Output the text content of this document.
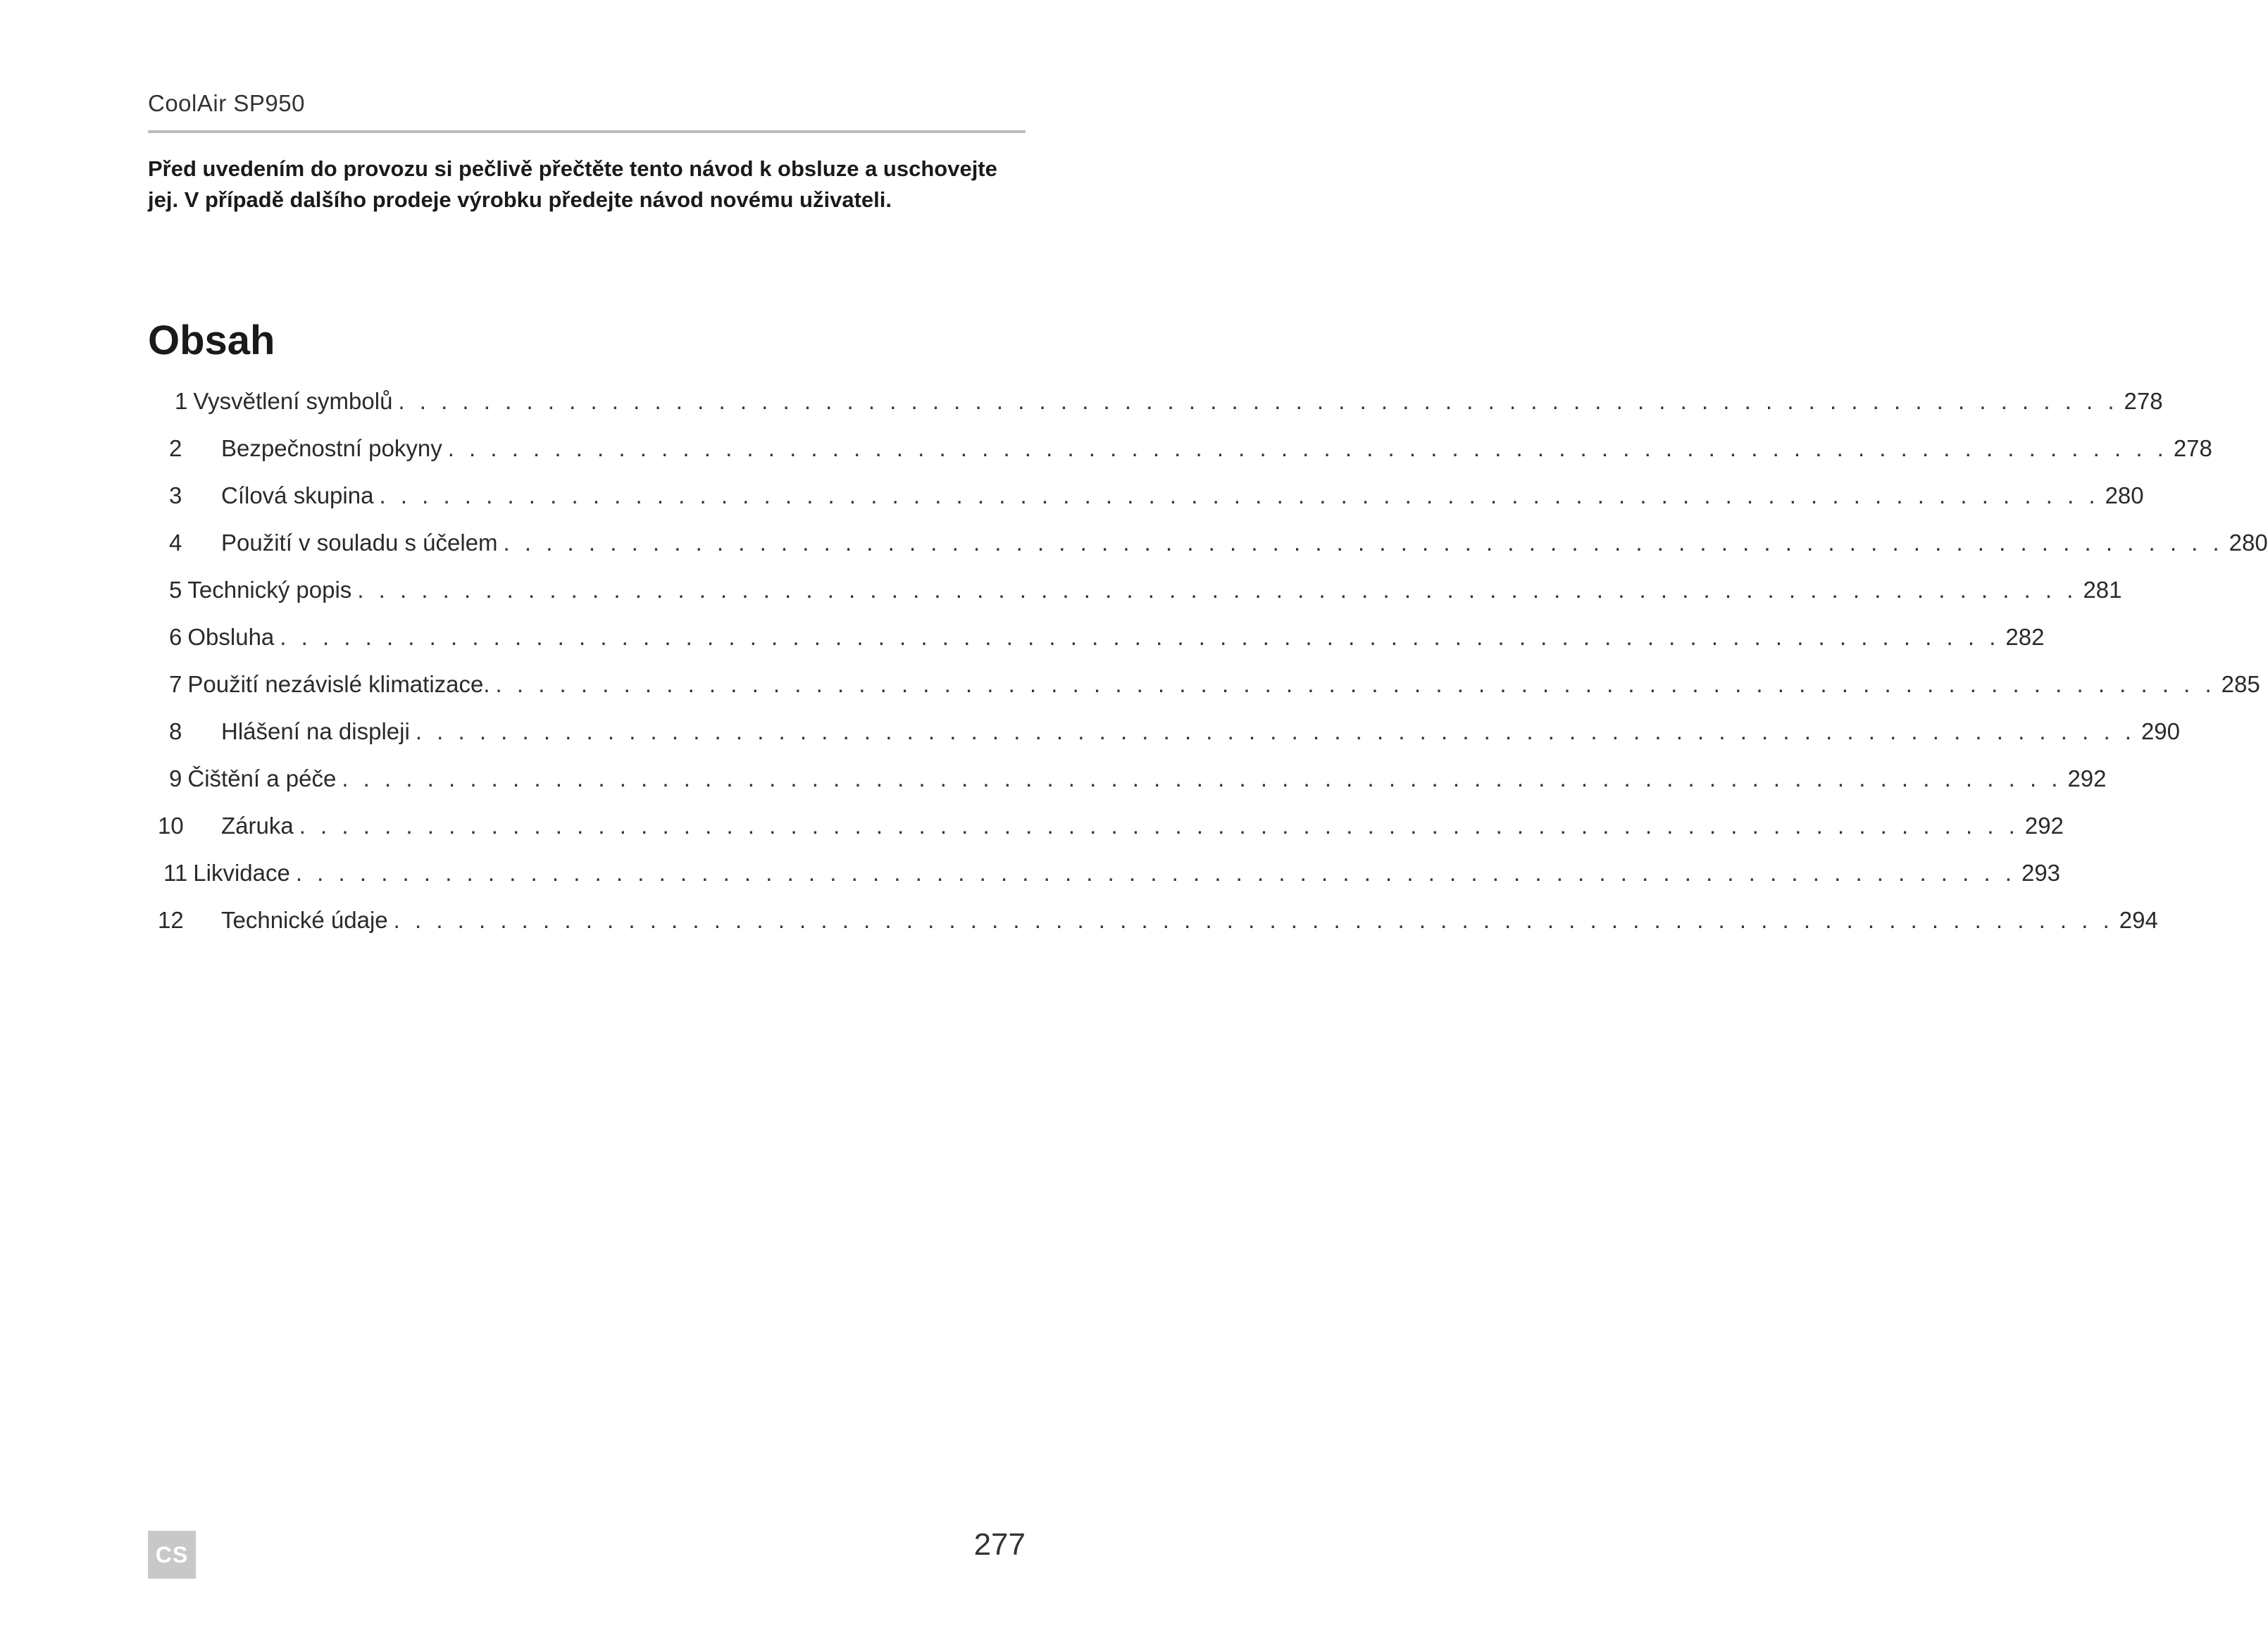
CoolAir SP950
Před uvedením do provozu si pečlivě přečtěte tento návod k obsluze a uschovejte jej. V případě dalšího prodeje výrobku předejte návod novému uživateli.
Obsah
1 Vysvětlení symbolů . . . . . . . . . . . . . . . . . . . . . . . . . . . . . . . . . . . . . . . . . . . . . . . . . . . . . . . . . . . . . . . . . . . . . . . . . . . . . . . . . 278
2	Bezpečnostní pokyny . . . . . . . . . . . . . . . . . . . . . . . . . . . . . . . . . . . . . . . . . . . . . . . . . . . . . . . . . . . . . . . . . . . . . . . . . . . . . . . . . 278
3	Cílová skupina . . . . . . . . . . . . . . . . . . . . . . . . . . . . . . . . . . . . . . . . . . . . . . . . . . . . . . . . . . . . . . . . . . . . . . . . . . . . . . . . . 280
4	Použití v souladu s účelem . . . . . . . . . . . . . . . . . . . . . . . . . . . . . . . . . . . . . . . . . . . . . . . . . . . . . . . . . . . . . . . . . . . . . . . . . . . . . . . . . 280
5 Technický popis . . . . . . . . . . . . . . . . . . . . . . . . . . . . . . . . . . . . . . . . . . . . . . . . . . . . . . . . . . . . . . . . . . . . . . . . . . . . . . . . . 281
6 Obsluha . . . . . . . . . . . . . . . . . . . . . . . . . . . . . . . . . . . . . . . . . . . . . . . . . . . . . . . . . . . . . . . . . . . . . . . . . . . . . . . . . 282
7 Použití nezávislé klimatizace. . . . . . . . . . . . . . . . . . . . . . . . . . . . . . . . . . . . . . . . . . . . . . . . . . . . . . . . . . . . . . . . . . . . . . . . . . . . . . . . . . 285
8	Hlášení na displeji . . . . . . . . . . . . . . . . . . . . . . . . . . . . . . . . . . . . . . . . . . . . . . . . . . . . . . . . . . . . . . . . . . . . . . . . . . . . . . . . . 290
9 Čištění a péče . . . . . . . . . . . . . . . . . . . . . . . . . . . . . . . . . . . . . . . . . . . . . . . . . . . . . . . . . . . . . . . . . . . . . . . . . . . . . . . . . 292
10	Záruka . . . . . . . . . . . . . . . . . . . . . . . . . . . . . . . . . . . . . . . . . . . . . . . . . . . . . . . . . . . . . . . . . . . . . . . . . . . . . . . . . 292
11 Likvidace . . . . . . . . . . . . . . . . . . . . . . . . . . . . . . . . . . . . . . . . . . . . . . . . . . . . . . . . . . . . . . . . . . . . . . . . . . . . . . . . . 293
12	Technické údaje . . . . . . . . . . . . . . . . . . . . . . . . . . . . . . . . . . . . . . . . . . . . . . . . . . . . . . . . . . . . . . . . . . . . . . . . . . . . . . . . . 294
CS	277
